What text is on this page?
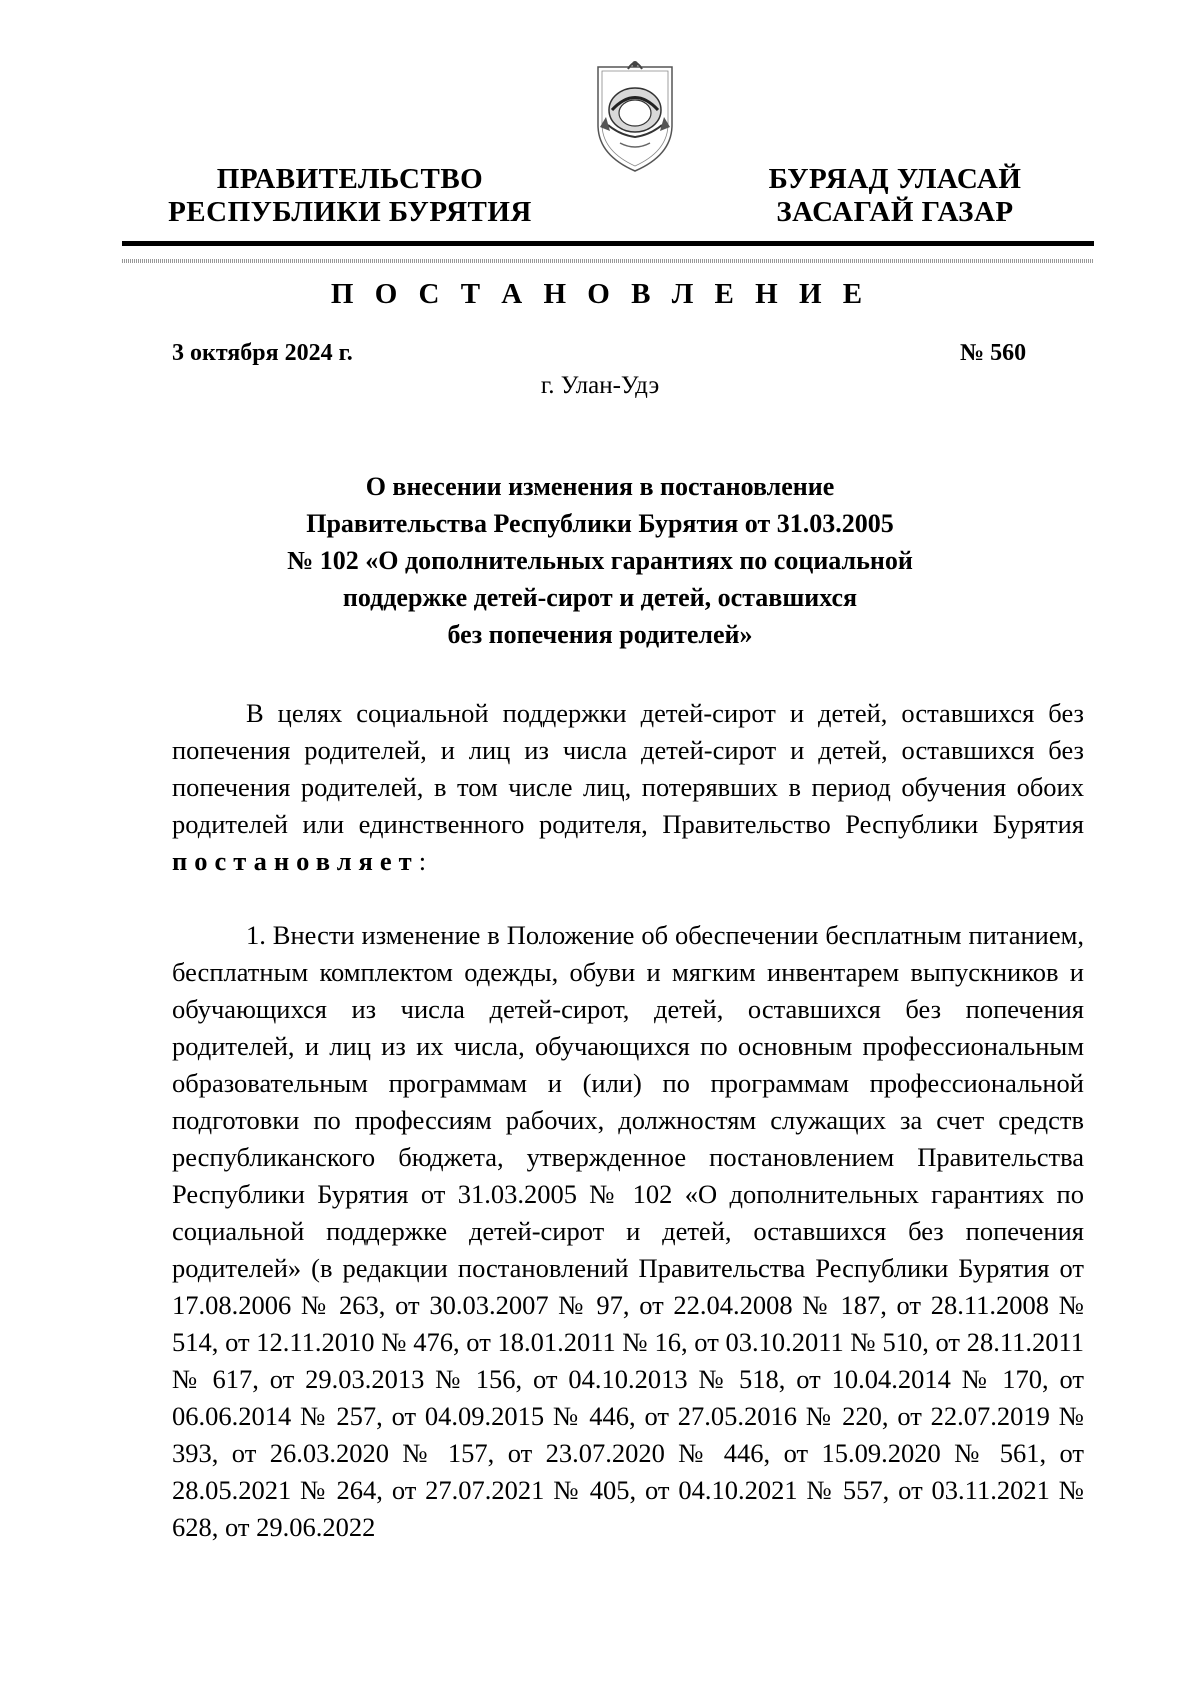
ПРАВИТЕЛЬСТВО
РЕСПУБЛИКИ БУРЯТИЯ
БУРЯАД УЛАСАЙ
ЗАСАГАЙ ГАЗАР
П О С Т А Н О В Л Е Н И Е
3 октября 2024 г.	№ 560
г. Улан-Удэ
О внесении изменения в постановление
Правительства Республики Бурятия от 31.03.2005
№ 102 «О дополнительных гарантиях по социальной
поддержке детей-сирот и детей, оставшихся
без попечения родителей»

В целях социальной поддержки детей-сирот и детей, оставшихся без попечения родителей, и лиц из числа детей-сирот и детей, оставшихся без попечения родителей, в том числе лиц, потерявших в период обучения обоих родителей или единственного родителя, Правительство Республики Бурятия постановляет:

1. Внести изменение в Положение об обеспечении бесплатным питанием, бесплатным комплектом одежды, обуви и мягким инвентарем выпускников и обучающихся из числа детей-сирот, детей, оставшихся без попечения родителей, и лиц из их числа, обучающихся по основным профессиональным образовательным программам и (или) по программам профессиональной подготовки по профессиям рабочих, должностям служащих за счет средств республиканского бюджета, утвержденное постановлением Правительства Республики Бурятия от 31.03.2005 № 102 «О дополнительных гарантиях по социальной поддержке детей-сирот и детей, оставшихся без попечения родителей» (в редакции постановлений Правительства Республики Бурятия от 17.08.2006 № 263, от 30.03.2007 № 97, от 22.04.2008 № 187, от 28.11.2008 № 514, от 12.11.2010 № 476, от 18.01.2011 № 16, от 03.10.2011 № 510, от 28.11.2011 № 617, от 29.03.2013 № 156, от 04.10.2013 № 518, от 10.04.2014 № 170, от 06.06.2014 № 257, от 04.09.2015 № 446, от 27.05.2016 № 220, от 22.07.2019 № 393, от 26.03.2020 № 157, от 23.07.2020 № 446, от 15.09.2020 № 561, от 28.05.2021 № 264, от 27.07.2021 № 405, от 04.10.2021 № 557, от 03.11.2021 № 628, от 29.06.2022
